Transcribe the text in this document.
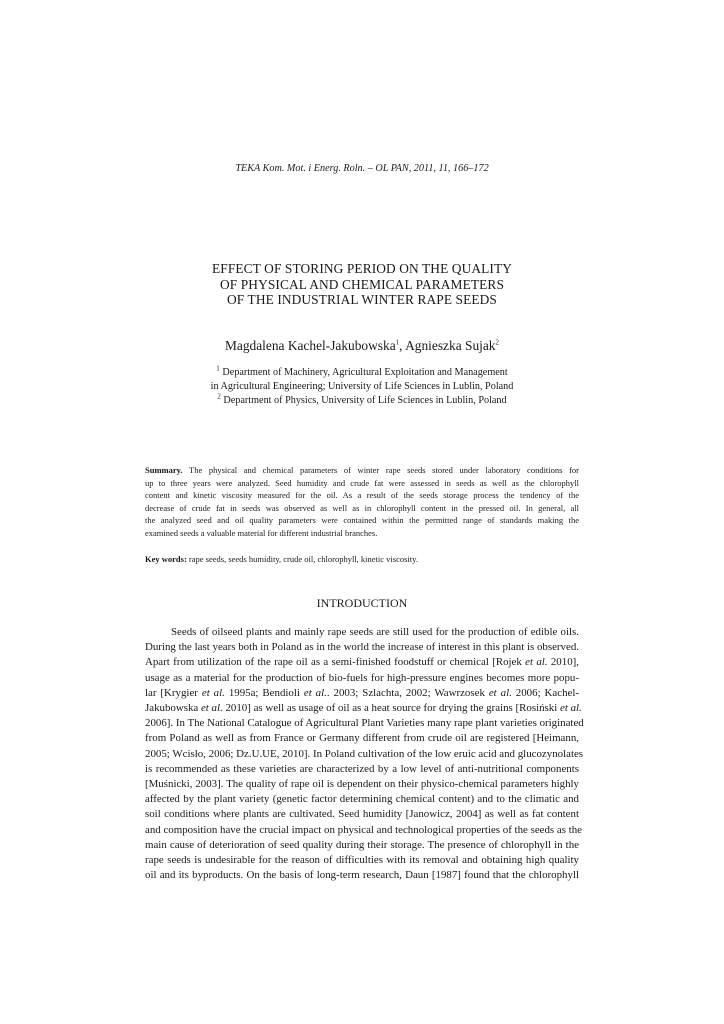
TEKA Kom. Mot. i Energ. Roln. – OL PAN, 2011, 11, 166–172
EFFECT OF STORING PERIOD ON THE QUALITY
OF PHYSICAL AND CHEMICAL PARAMETERS
OF THE INDUSTRIAL WINTER RAPE SEEDS
Magdalena Kachel-Jakubowska$^1$, Agnieszka Sujak$^2$
$^1$ Department of Machinery, Agricultural Exploitation and Management
in Agricultural Engineering; University of Life Sciences in Lublin, Poland
$^2$ Department of Physics, University of Life Sciences in Lublin, Poland
Summary. The physical and chemical parameters of winter rape seeds stored under laboratory conditions for
up to three years were analyzed. Seed humidity and crude fat were assessed in seeds as well as the chlorophyll
content and kinetic viscosity measured for the oil. As a result of the seeds storage process the tendency of the
decrease of crude fat in seeds was observed as well as in chlorophyll content in the pressed oil. In general, all
the analyzed seed and oil quality parameters were contained within the permitted range of standards making the
examined seeds a valuable material for different industrial branches.
Key words: rape seeds, seeds humidity, crude oil, chlorophyll, kinetic viscosity.
INTRODUCTION
Seeds of oilseed plants and mainly rape seeds are still used for the production of edible oils.
During the last years both in Poland as in the world the increase of interest in this plant is observed.
Apart from utilization of the rape oil as a semi-finished foodstuff or chemical [Rojek et al. 2010],
usage as a material for the production of bio-fuels for high-pressure engines becomes more popu-
lar [Krygier et al. 1995a; Bendioli et al.. 2003; Szlachta, 2002; Wawrzosek et al. 2006; Kachel-
Jakubowska et al. 2010] as well as usage of oil as a heat source for drying the grains [Rosiński et al.
2006]. In The National Catalogue of Agricultural Plant Varieties many rape plant varieties originated
from Poland as well as from France or Germany different from crude oil are registered [Heimann,
2005; Wcisło, 2006; Dz.U.UE, 2010]. In Poland cultivation of the low eruic acid and glucozynolates
is recommended as these varieties are characterized by a low level of anti-nutritional components
[Muśnicki, 2003]. The quality of rape oil is dependent on their physico-chemical parameters highly
affected by the plant variety (genetic factor determining chemical content) and to the climatic and
soil conditions where plants are cultivated. Seed humidity [Janowicz, 2004] as well as fat content
and composition have the crucial impact on physical and technological properties of the seeds as the
main cause of deterioration of seed quality during their storage. The presence of chlorophyll in the
rape seeds is undesirable for the reason of difficulties with its removal and obtaining high quality
oil and its byproducts. On the basis of long-term research, Daun [1987] found that the chlorophyll
